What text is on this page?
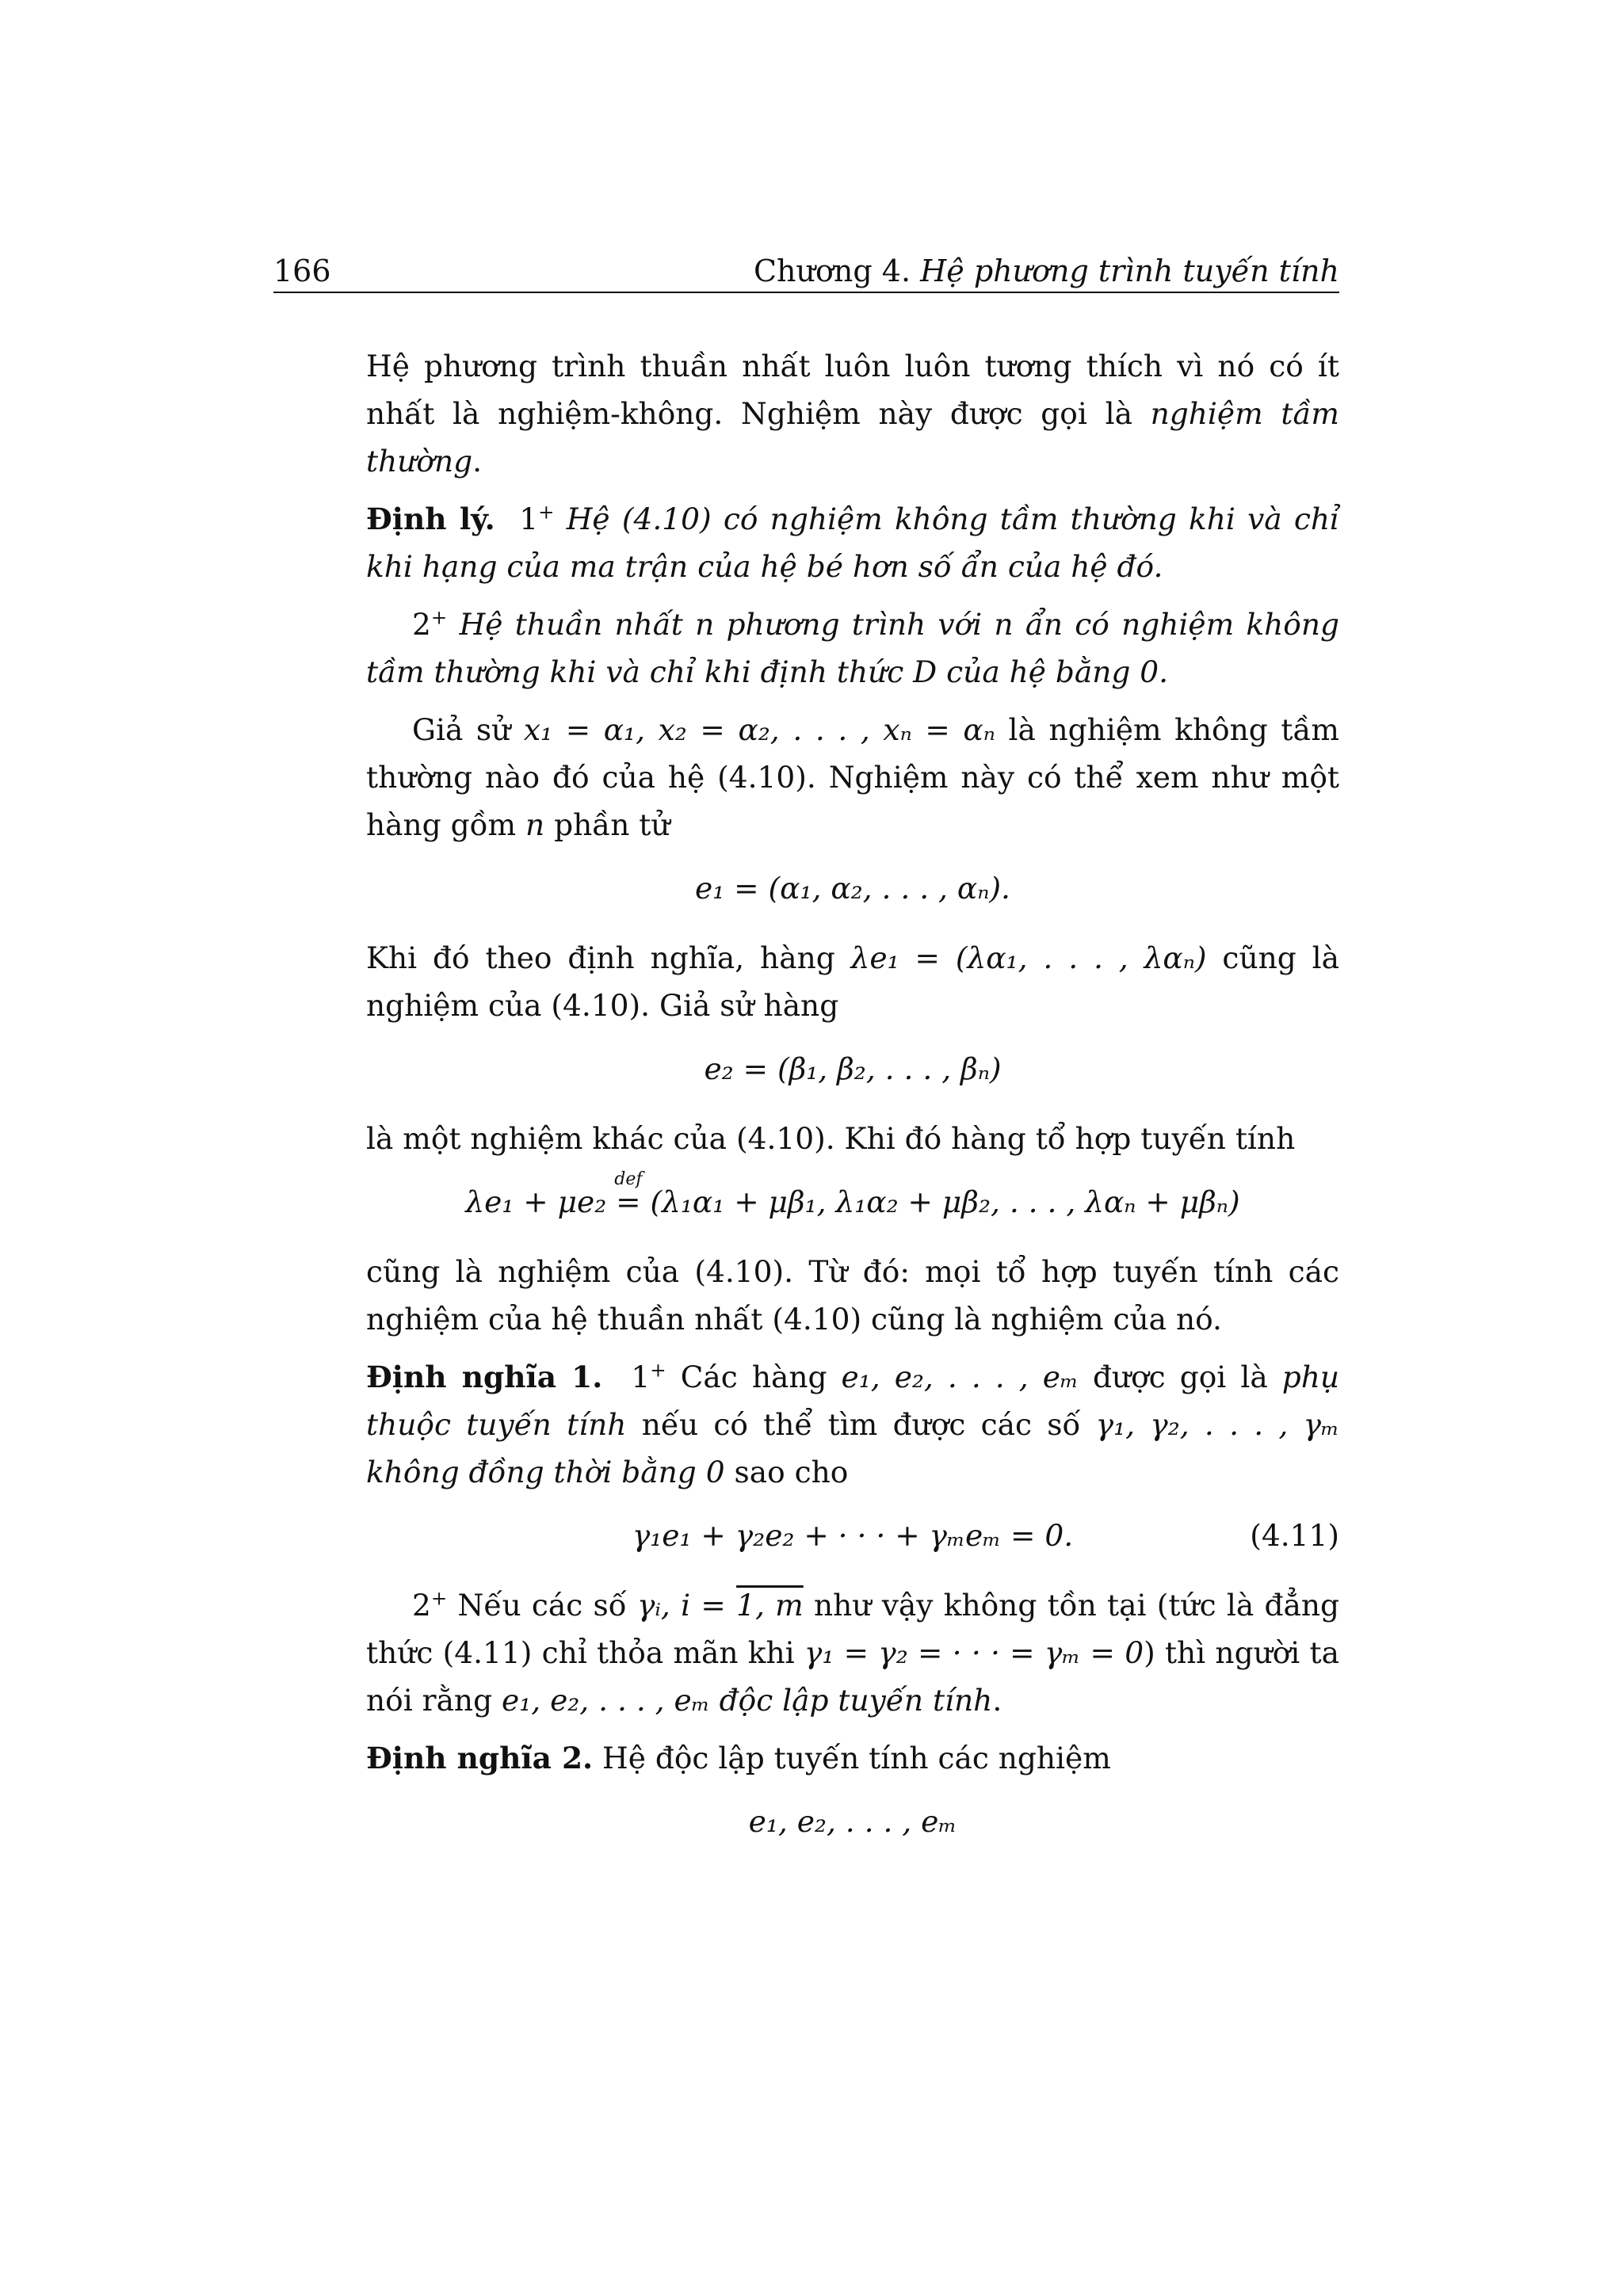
166	Chương 4. Hệ phương trình tuyến tính

Hệ phương trình thuần nhất luôn luôn tương thích vì nó có ít nhất là nghiệm-không. Nghiệm này được gọi là nghiệm tầm thường.

Định lý. 1+ Hệ (4.10) có nghiệm không tầm thường khi và chỉ khi hạng của ma trận của hệ bé hơn số ẩn của hệ đó.

2+ Hệ thuần nhất n phương trình với n ẩn có nghiệm không tầm thường khi và chỉ khi định thức D của hệ bằng 0.

Giả sử x₁ = α₁, x₂ = α₂, . . . , xₙ = αₙ là nghiệm không tầm thường nào đó của hệ (4.10). Nghiệm này có thể xem như một hàng gồm n phần tử

e₁ = (α₁, α₂, . . . , αₙ).

Khi đó theo định nghĩa, hàng λe₁ = (λα₁, . . . , λαₙ) cũng là nghiệm của (4.10). Giả sử hàng

e₂ = (β₁, β₂, . . . , βₙ)

là một nghiệm khác của (4.10). Khi đó hàng tổ hợp tuyến tính

λe₁ + μe₂
def
= (λ₁α₁ + μβ₁, λ₁α₂ + μβ₂, . . . , λαₙ + μβₙ)

cũng là nghiệm của (4.10). Từ đó: mọi tổ hợp tuyến tính các nghiệm của hệ thuần nhất (4.10) cũng là nghiệm của nó.

Định nghĩa 1. 1+ Các hàng e₁, e₂, . . . , eₘ được gọi là phụ thuộc tuyến tính nếu có thể tìm được các số γ₁, γ₂, . . . , γₘ không đồng thời bằng 0 sao cho

γ₁e₁ + γ₂e₂ + · · · + γₘeₘ = 0.	(4.11)

2+ Nếu các số γᵢ, i = 1, m như vậy không tồn tại (tức là đẳng thức (4.11) chỉ thỏa mãn khi γ₁ = γ₂ = · · · = γₘ = 0) thì người ta nói rằng e₁, e₂, . . . , eₘ độc lập tuyến tính.

Định nghĩa 2. Hệ độc lập tuyến tính các nghiệm

e₁, e₂, . . . , eₘ
